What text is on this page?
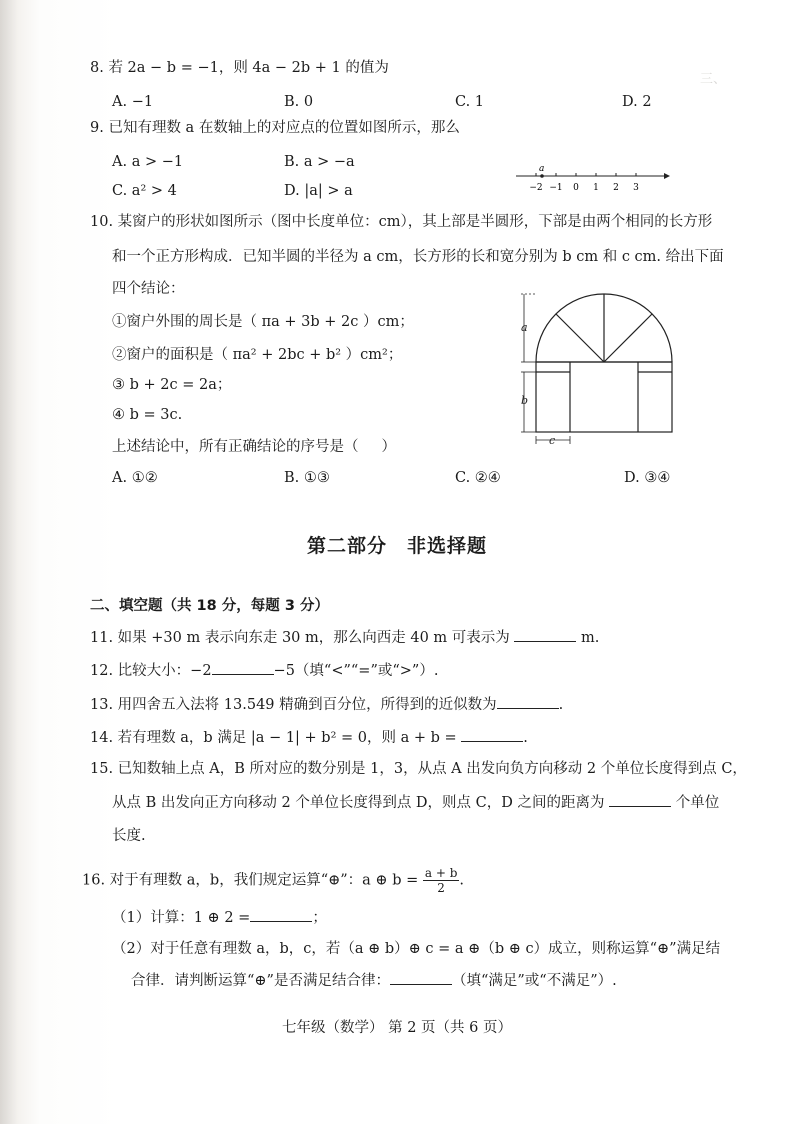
三、
8. 若 2a − b = −1，则 4a − 2b + 1 的值为
A. −1	B. 0	C. 1	D. 2
9. 已知有理数 a 在数轴上的对应点的位置如图所示，那么
A. a > −1	B. a > −a
C. a² > 4	D. |a| > a
a
−2 −1 0 1 2 3
10. 某窗户的形状如图所示（图中长度单位：cm），其上部是半圆形，下部是由两个相同的长方形
和一个正方形构成．已知半圆的半径为 a cm，长方形的长和宽分别为 b cm 和 c cm. 给出下面
四个结论：
①窗户外围的周长是（ πa + 3b + 2c ）cm；
②窗户的面积是（ πa² + 2bc + b² ）cm²；
③ b + 2c = 2a；
④ b = 3c.
上述结论中，所有正确结论的序号是（     ）
A. ①②	B. ①③	C. ②④	D. ③④
a
b
c
第二部分　非选择题
二、填空题（共 18 分，每题 3 分）
11. 如果 +30 m 表示向东走 30 m，那么向西走 40 m 可表示为	m.
12. 比较大小：−2	−5（填“<”“=”或“>”）.
13. 用四舍五入法将 13.549 精确到百分位，所得到的近似数为	.
14. 若有理数 a，b 满足 |a − 1| + b² = 0，则 a + b =	.
15. 已知数轴上点 A，B 所对应的数分别是 1，3，从点 A 出发向负方向移动 2 个单位长度得到点 C，
从点 B 出发向正方向移动 2 个单位长度得到点 D，则点 C，D 之间的距离为	个单位
长度.
16. 对于有理数 a，b，我们规定运算“⊕”：a ⊕ $b = \frac{a + b}{2}$ .
（1）计算：1 ⊕ 2 =	；
（2）对于任意有理数 a，b，c，若（a ⊕ b）⊕ c = a ⊕（b ⊕ c）成立，则称运算“⊕”满足结
合律．请判断运算“⊕”是否满足结合律：	（填“满足”或“不满足”）.
七年级（数学） 第 2 页（共 6 页）
